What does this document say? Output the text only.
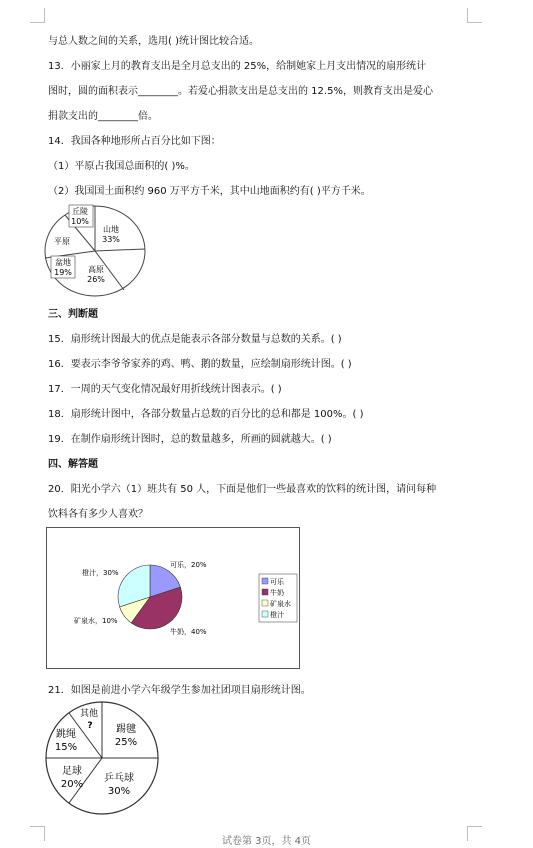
与总人数之间的关系，选用( )统计图比较合适。
13．小丽家上月的教育支出是全月总支出的 25%，给制她家上月支出情况的扇形统计
图时，圆的面积表示________。若爱心捐款支出是总支出的 12.5%，则教育支出是爱心
捐款支出的________倍。
14．我国各种地形所占百分比如下图：
（1）平原占我国总面积的( )%。
（2）我国国土面积约 960 万平方千米，其中山地面积约有( )平方千米。
丘陵
10%
山地
33%
平原
盆地
19% 高原
26%
三、判断题
15．扇形统计图最大的优点是能表示各部分数量与总数的关系。( )
16．要表示李爷爷家养的鸡、鸭、鹅的数量，应绘制扇形统计图。( )
17．一周的天气变化情况最好用折线统计图表示。( )
18．扇形统计图中，各部分数量占总数的百分比的总和都是 100%。( )
19．在制作扇形统计图时，总的数量越多，所画的圆就越大。( )
四、解答题
20．阳光小学六（1）班共有 50 人，下面是他们一些最喜欢的饮料的统计图，请问每种
饮料各有多少人喜欢？
可乐，20%
牛奶，40%
矿泉水，10%
橙汁，30%
可乐
牛奶
矿泉水
橙汁
21．如图是前进小学六年级学生参加社团项目扇形统计图。
其他
? 踢毽
25%
跳绳
15%
足球
20%
乒乓球
30%
试卷第 3页，共 4页
